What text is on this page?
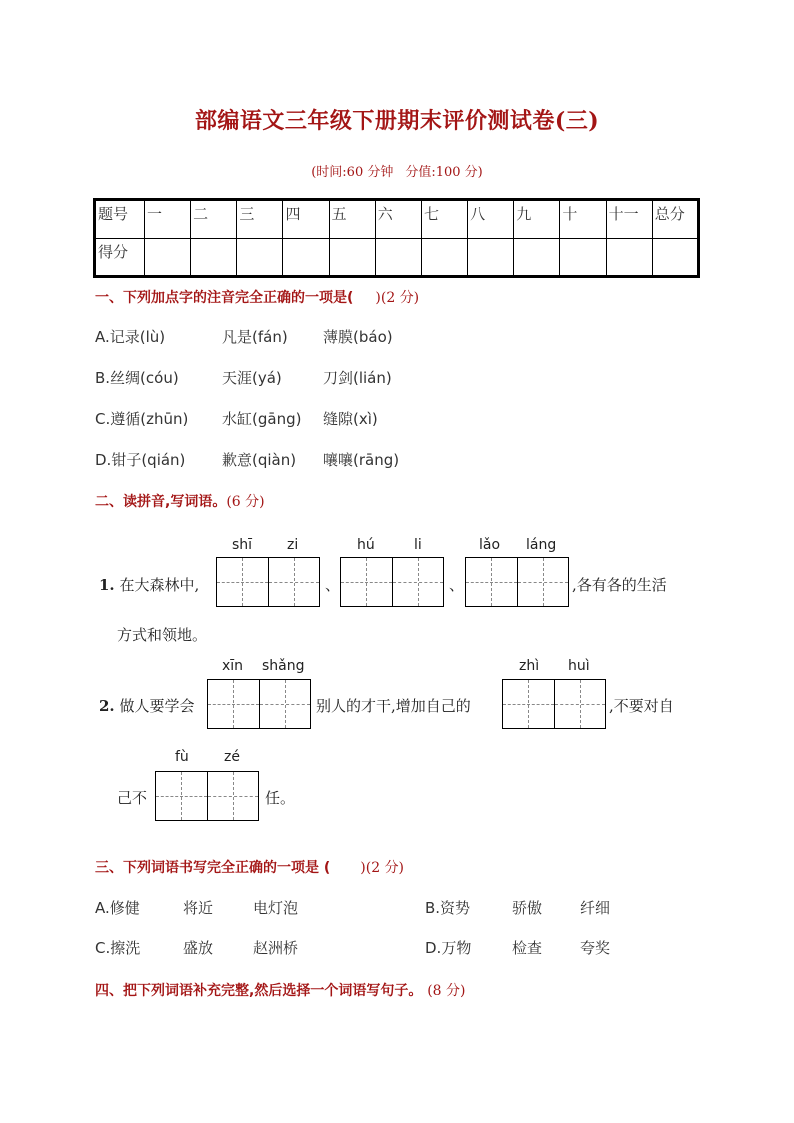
部编语文三年级下册期末评价测试卷(三)
(时间:60 分钟 分值:100 分)
题号	一	二	三	四	五	六	七	八	九	十	十一	总分
得分												
一、下列加点字的注音完全正确的一项是( )(2 分)
A.记录(lù)	凡是(fán) 薄膜(báo)
B.丝绸(cóu)	天涯(yá)	刀剑(lián)
C.遵循(zhūn) 水缸(gāng) 缝隙(xì)
D.钳子(qián) 歉意(qiàn) 嚷嚷(rāng)
二、读拼音,写词语。(6 分)
shī zi	hú	li	lǎo láng
1. 在大森林中,	、	、	,各有各的生活
方式和领地。
xīn shǎng	zhì huì
2. 做人要学会	别人的才干,增加自己的	,不要对自
fù	zé
己不	任。
三、下列词语书写完全正确的一项是 ( )(2 分)
A.修健	将近	电灯泡	B.资势	骄傲	纤细
C.擦洗	盛放	赵洲桥	D.万物	检查	夸奖
四、把下列词语补充完整,然后选择一个词语写句子。 (8 分)
